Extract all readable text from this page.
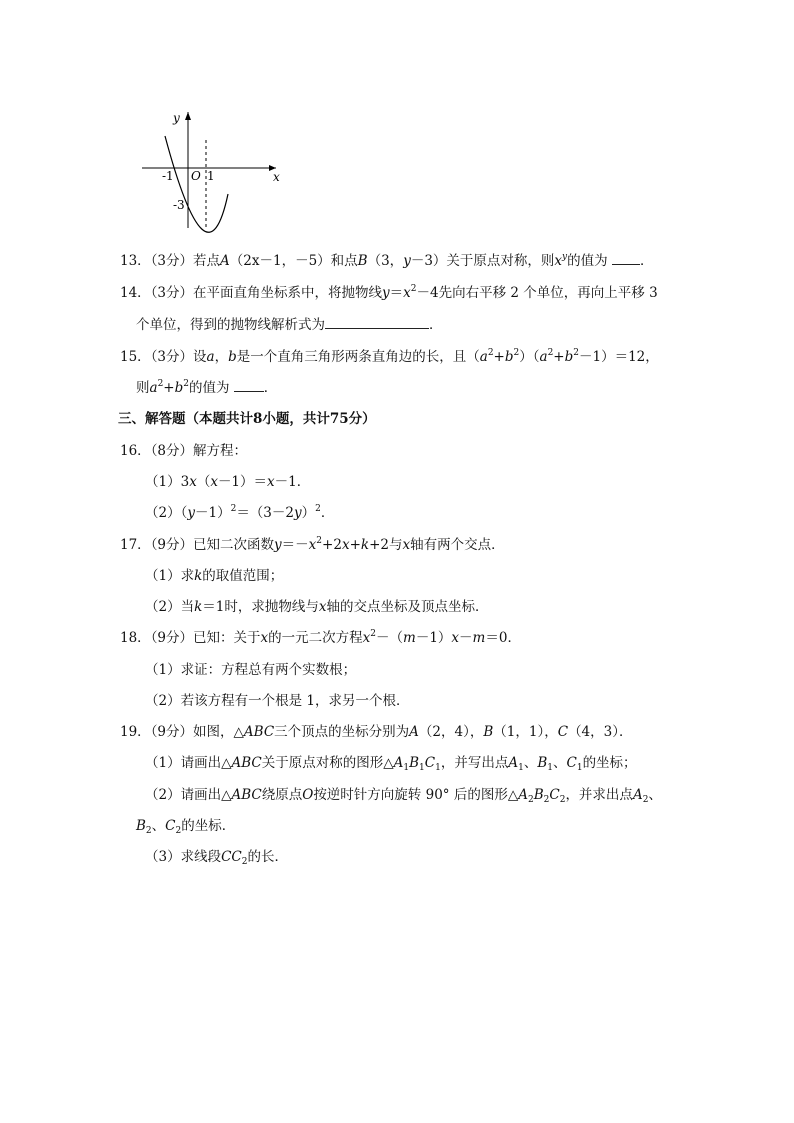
y
x
O
-1	1
-3
13．（3分）若点A（2x－1，－5）和点B（3，y－3）关于原点对称，则$x^y$的值为 ．
14．（3分）在平面直角坐标系中，将抛物线$y=x^2-4$先向右平移 2 个单位，再向上平移 3
个单位，得到的抛物线解析式为	．
15．（3分）设a，b是一个直角三角形两条直角边的长，且$(a^2+b^2)(a^2+b^2-1)=12$，
则$a^2+b^2$的值为	．
三、解答题（本题共计8小题，共计75分）
16．（8分）解方程：
（1）3x（x－1）＝x－1．
$(2)(y-1)^2=(3-2y)^2$．
17．（9分）已知二次函数$y=-x^2+2x+k+2$与x轴有两个交点．
（1）求k的取值范围；
（2）当k＝1时，求抛物线与x轴的交点坐标及顶点坐标．
18．（9分）已知：关于x的一元二次方程$x^2-(m-1)x-m=0$．
（1）求证：方程总有两个实数根；
（2）若该方程有一个根是 1，求另一个根．
19．（9分）如图，△ABC三个顶点的坐标分别为A（2，4），B（1，1），C（4，3）．
（1）请画出△ABC关于原点对称的图形$\triangle A_1B_1C_1$，并写出点$A_1$、$B_1$、$C_1$的坐标；
（2）请画出△ABC绕原点O按逆时针方向旋转 90° 后的图形$\triangle A_2B_2C_2$，并求出点$A_2$、
$B_2$、$C_2$的坐标．
（3）求线段$CC_2$的长．
